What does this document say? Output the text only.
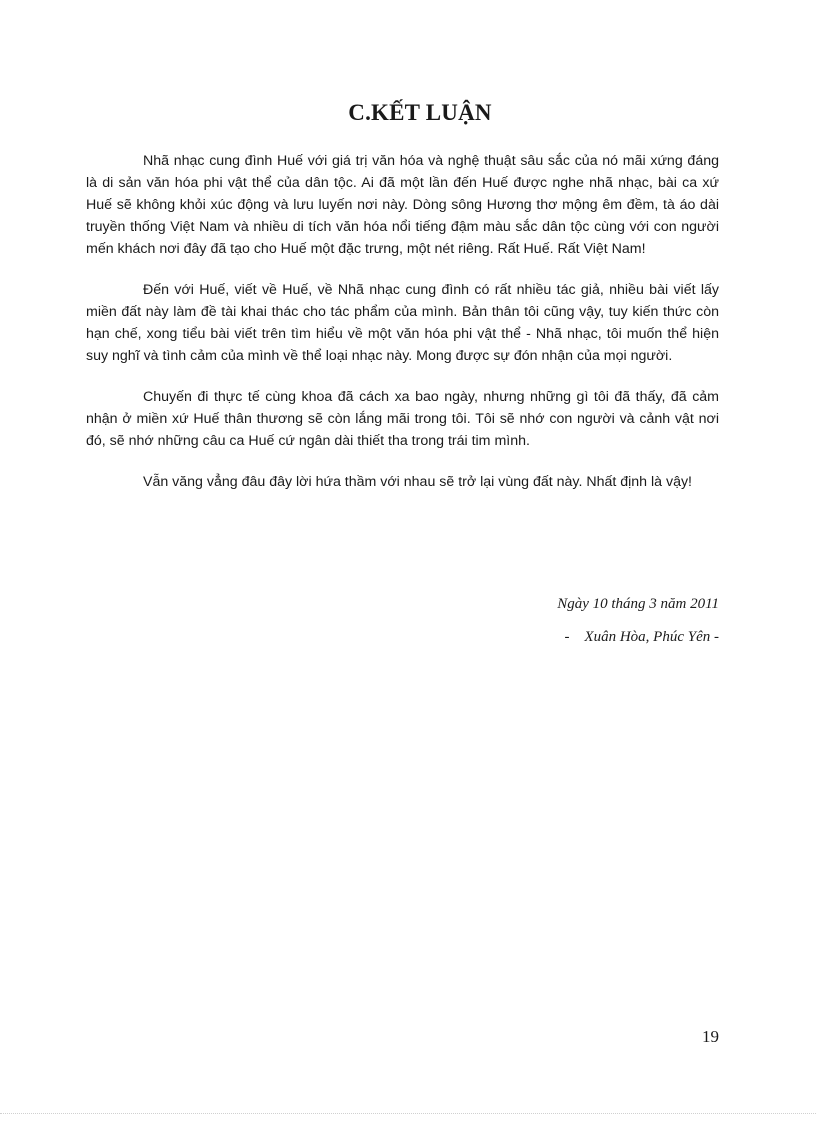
C.KẾT LUẬN

Nhã nhạc cung đình Huế với giá trị văn hóa và nghệ thuật sâu sắc của nó mãi xứng đáng là di sản văn hóa phi vật thể của dân tộc. Ai đã một lần đến Huế được nghe nhã nhạc, bài ca xứ Huế sẽ không khỏi xúc động và lưu luyến nơi này. Dòng sông Hương thơ mộng êm đềm, tà áo dài truyền thống Việt Nam và nhiều di tích văn hóa nổi tiếng đậm màu sắc dân tộc cùng với con người mến khách nơi đây đã tạo cho Huế một đặc trưng, một nét riêng. Rất Huế. Rất Việt Nam!

Đến với Huế, viết về Huế, về Nhã nhạc cung đình có rất nhiều tác giả, nhiều bài viết lấy miền đất này làm đề tài khai thác cho tác phẩm của mình. Bản thân tôi cũng vậy, tuy kiến thức còn hạn chế, xong tiểu bài viết trên tìm hiểu về một văn hóa phi vật thể - Nhã nhạc, tôi muốn thể hiện suy nghĩ và tình cảm của mình về thể loại nhạc này. Mong được sự đón nhận của mọi người.

Chuyến đi thực tế cùng khoa đã cách xa bao ngày, nhưng những gì tôi đã thấy, đã cảm nhận ở miền xứ Huế thân thương sẽ còn lắng mãi trong tôi. Tôi sẽ nhớ con người và cảnh vật nơi đó, sẽ nhớ những câu ca Huế cứ ngân dài thiết tha trong trái tim mình.

Vẫn văng vẳng đâu đây lời hứa thầm với nhau sẽ trở lại vùng đất này. Nhất định là vậy!

Ngày 10 tháng 3 năm 2011
-    Xuân Hòa, Phúc Yên -
19
